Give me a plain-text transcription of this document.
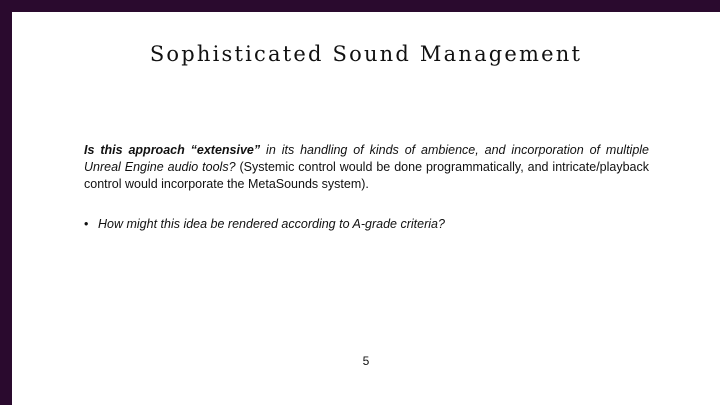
Sophisticated Sound Management
Is this approach “extensive” in its handling of kinds of ambience, and incorporation of multiple Unreal Engine audio tools? (Systemic control would be done programmatically, and intricate/playback control would incorporate the MetaSounds system).
• How might this idea be rendered according to A-grade criteria?
5
